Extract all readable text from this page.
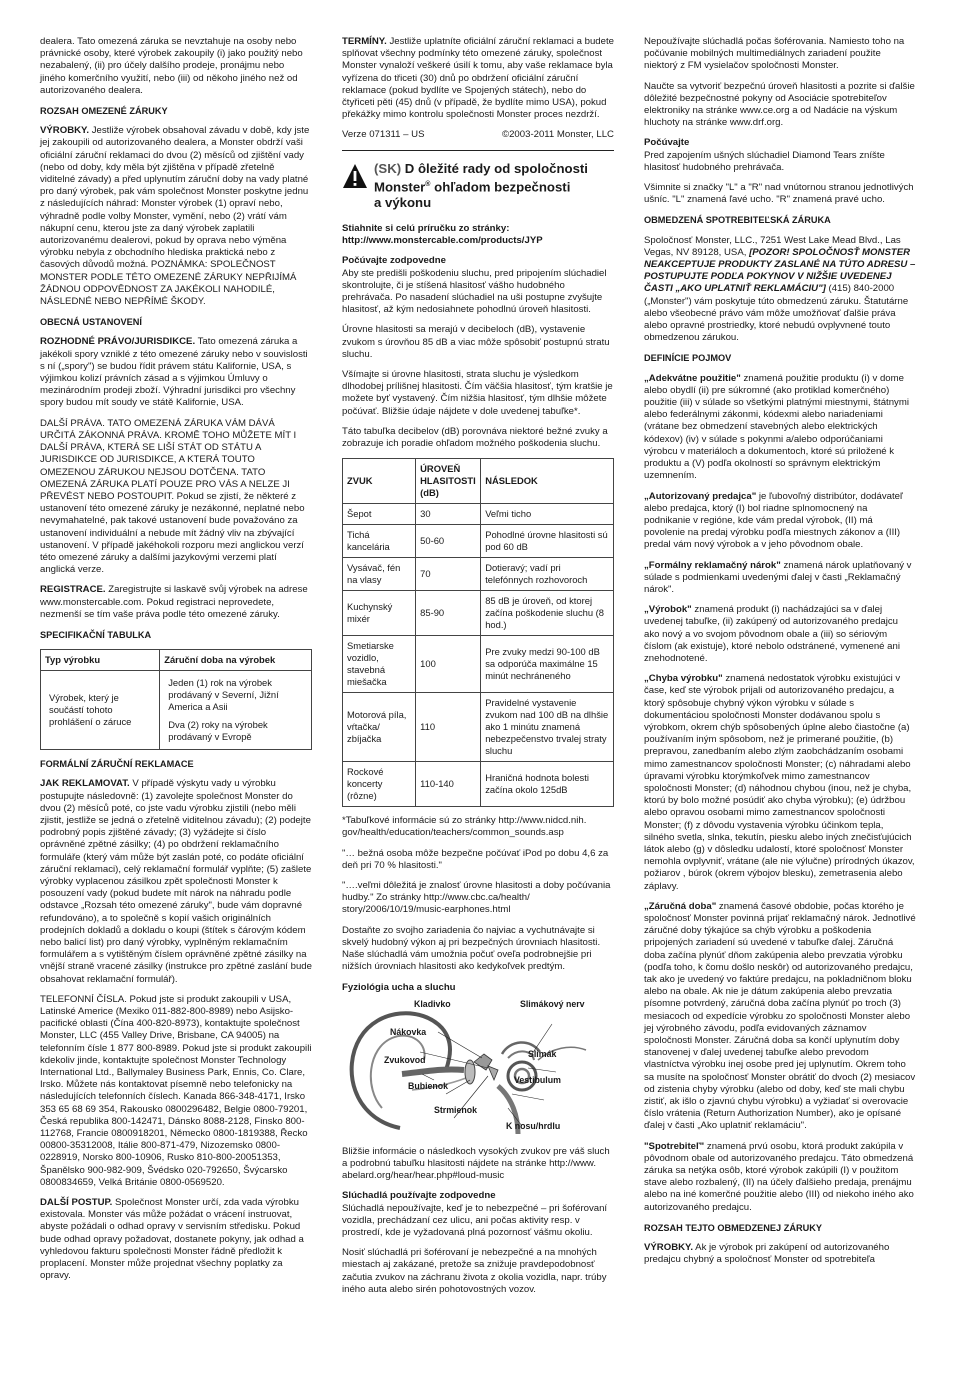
dealera. Tato omezená záruka se nevztahuje na osoby nebo právnické osoby, které výrobek zakoupily (i) jako použitý nebo nezabalený, (ii) pro účely dalšího prodeje, pronájmu nebo jiného komerčního využití, nebo (iii) od někoho jiného než od autorizovaného dealera.

ROZSAH OMEZENÉ ZÁRUKY

VÝROBKY. Jestliže výrobek obsahoval závadu v době, kdy jste jej zakoupili od autorizovaného dealera, a Monster obdrží vaši oficiální záruční reklamaci do dvou (2) měsíců od zjištění vady (nebo od doby, kdy měla být zjištěna v případě zřetelně viditelné závady) a před uplynutím záruční doby na vady platné pro daný výrobek, pak vám společnost Monster poskytne jednu z následujících náhrad: Monster výrobek (1) opraví nebo, výhradně podle volby Monster, vymění, nebo (2) vrátí vám nákupní cenu, kterou jste za daný výrobek zaplatili autorizovanému dealerovi, pokud by oprava nebo výměna výrobku nebyla z obchodního hlediska praktická nebo z časových důvodů možná. POZNÁMKA: SPOLEČNOST MONSTER PODLE TÉTO OMEZENÉ ZÁRUKY NEPŘIJÍMÁ ŽÁDNOU ODPOVĚDNOST ZA JAKÉKOLI NAHODILÉ, NÁSLEDNÉ NEBO NEPŘÍMÉ ŠKODY.

OBECNÁ USTANOVENÍ

ROZHODNÉ PRÁVO/JURISDIKCE. Tato omezená záruka a jakékoli spory vzniklé z této omezené záruky nebo v souvislosti s ní („spory") se budou řídit právem státu Kalifornie, USA, s výjimkou kolizí právních zásad a s výjimkou Úmluvy o mezinárodním prodeji zboží. Výhradní jurisdikci pro všechny spory budou mít soudy ve státě Kalifornie, USA.

DALŠÍ PRÁVA. TATO OMEZENÁ ZÁRUKA VÁM DÁVÁ URČITÁ ZÁKONNÁ PRÁVA. KROMĚ TOHO MŮŽETE MÍT I DALŠÍ PRÁVA, KTERÁ SE LIŠÍ STÁT OD STÁTU A JURISDIKCE OD JURISDIKCE, A KTERÁ TOUTO OMEZENOU ZÁRUKOU NEJSOU DOTČENA. TATO OMEZENÁ ZÁRUKA PLATÍ POUZE PRO VÁS A NELZE JI PŘEVÉST NEBO POSTOUPIT. Pokud se zjistí, že některé z ustanovení této omezené záruky je nezákonné, neplatné nebo nevymahatelné, pak takové ustanovení bude považováno za ustanovení individuální a nebude mít žádný vliv na zbývající ustanovení. V případě jakéhokoli rozporu mezi anglickou verzí této omezené záruky a dalšími jazykovými verzemi platí anglická verze.

REGISTRACE. Zaregistrujte si laskavě svůj výrobek na adrese www.monstercable.com. Pokud registraci neprovedete, nezmenší se tím vaše práva podle této omezené záruky.

SPECIFIKAČNÍ TABULKA
Typ výrobku	Záruční doba na výrobek
Výrobek, který je součástí tohoto prohlášení o záruce	Jeden (1) rok na výrobek prodávaný v Severní, Jižní America a Asii
Dva (2) roky na výrobek prodávaný v Evropě
FORMÁLNÍ ZÁRUČNÍ REKLAMACE

JAK REKLAMOVAT. V případě výskytu vady u výrobku postupujte následovně: (1) zavolejte společnost Monster do dvou (2) měsíců poté, co jste vadu výrobku zjistili (nebo měli zjistit, jestliže se jedná o zřetelně viditelnou závadu); (2) podejte podrobný popis zjištěné závady; (3) vyžádejte si číslo oprávněné zpětné zásilky; (4) po obdržení reklamačního formuláře (který vám může být zaslán poté, co podáte oficiální záruční reklamaci), celý reklamační formulář vyplňte; (5) zašlete výrobky vyplacenou zásilkou zpět společnosti Monster k posouzení vady (pokud budete mít nárok na náhradu podle odstavce „Rozsah této omezené záruky", bude vám dopravné refundováno), a to společně s kopií vašich originálních prodejních dokladů a dokladu o koupi (štítek s čárovým kódem nebo balicí list) pro daný výrobky, vyplněným reklamačním formulářem a s vytištěným číslem oprávněné zpětné zásilky na vnější straně vracené zásilky (instrukce pro zpětné zaslání bude obsahovat reklamační formulář).

TELEFONNÍ ČÍSLA. Pokud jste si produkt zakoupili v USA, Latinské Americe (Mexiko 011-882-800-8989) nebo Asijsko-pacifické oblasti (Čína 400-820-8973), kontaktujte společnost Monster, LLC (455 Valley Drive, Brisbane, CA 94005) na telefonním čísle 1 877 800-8989. Pokud jste si produkt zakoupili kdekoliv jinde, kontaktujte společnost Monster Technology International Ltd., Ballymaley Business Park, Ennis, Co. Clare, Irsko. Můžete nás kontaktovat písemně nebo telefonicky na následujících telefonních číslech. Kanada 866-348-4171, Irsko 353 65 68 69 354, Rakousko 0800296482, Belgie 0800-79201, Česká republika 800-142471, Dánsko 8088-2128, Finsko 800-112768, Francie 0800918201, Německo 0800-1819388, Řecko 00800-35312008, Itálie 800-871-479, Nizozemsko 0800-0228919, Norsko 800-10906, Rusko 810-800-20051353, Španělsko 900-982-909, Švédsko 020-792650, Švýcarsko 0800834659, Velká Británie 0800-0569520.

DALŠÍ POSTUP. Společnost Monster určí, zda vada výrobku existovala. Monster vás může požádat o vrácení instruovat, abyste požádali o odhad opravy v servisním středisku. Pokud bude odhad opravy požadovat, dostanete pokyny, jak odhad a vyhledovou fakturu společnosti Monster řádně předložit k proplacení. Monster může projednat všechny poplatky za opravy.

TERMÍNY. Jestliže uplatníte oficiální záruční reklamaci a budete splňovat všechny podmínky této omezené záruky, společnost Monster vynaloží veškeré úsilí k tomu, aby vaše reklamace byla vyřízena do třiceti (30) dnů po obdržení oficiální záruční reklamace (pokud bydlíte ve Spojených státech), nebo do čtyřiceti pěti (45) dnů (v případě, že bydlíte mimo USA), pokud překážky mimo kontrolu společnosti Monster proces nezdrží.

Verze 071311 – US	©2003-2011 Monster, LLC
(SK) D ôležité rady od spoločnosti
Monster® ohľadom bezpečnosti
a výkonu

Stiahnite si celú príručku zo stránky: http://www.monstercable.com/products/JYP

Počúvajte zodpovedne

Aby ste predišli poškodeniu sluchu, pred pripojením slúchadiel skontrolujte, či je stíšená hlasitosť vášho hudobného prehrávača. Po nasadení slúchadiel na uši postupne zvyšujte hlasitosť, až kým nedosiahnete pohodlnú úroveň hlasitosti.

Úrovne hlasitosti sa merajú v decibeloch (dB), vystavenie zvukom s úrovňou 85 dB a viac môže spôsobiť postupnú stratu sluchu.

Všímajte si úrovne hlasitosti, strata sluchu je výsledkom dlhodobej prílišnej hlasitosti. Čím väčšia hlasitosť, tým kratšie je možete byť vystavený. Čím nižšia hlasitosť, tým dlhšie môžete počúvať. Bližšie údaje nájdete v dole uvedenej tabuľke*.

Táto tabuľka decibelov (dB) porovnáva niektoré bežné zvuky a zobrazuje ich poradie ohľadom možného poškodenia sluchu.

ZVUK	ÚROVEŇ HLASITOSTI (dB)	NÁSLEDOK
Šepot	30	Veľmi ticho
Tichá kancelária	50-60	Pohodlné úrovne hlasitosti sú pod 60 dB
Vysávač, fén na vlasy	70	Dotieravý; vadí pri telefónnych rozhovoroch
Kuchynský mixér	85-90	85 dB je úroveň, od ktorej začína poškodenie sluchu (8 hod.)
Smetiarske vozidlo, stavebná miešačka	100	Pre zvuky medzi 90-100 dB sa odporúča maximálne 15 minút nechráneného
Motorová píla, vŕtačka/ zbíjačka	110	Pravidelné vystavenie zvukom nad 100 dB na dlhšie ako 1 minútu znamená nebezpečenstvo trvalej straty sluchu
Rockové koncerty (rôzne)	110-140	Hraničná hodnota bolesti začína okolo 125dB

*Tabuľkové informácie sú zo stránky http://www.nidcd.nih. gov/health/education/teachers/common_sounds.asp

"… bežná osoba môže bezpečne počúvať iPod po dobu 4,6 za deň pri 70 % hlasitosti."

"….veľmi dôležitá je znalosť úrovne hlasitosti a doby počúvania hudby." Zo stránky http://www.cbc.ca/health/ story/2006/10/19/music-earphones.html

Dostaňte zo svojho zariadenia čo najviac a vychutnávajte si skvelý hudobný výkon aj pri bezpečných úrovniach hlasitosti. Naše slúchadlá vám umožnia počuť oveľa podrobnejšie pri nižších úrovniach hlasitosti ako kedykoľvek predtým.

Fyziológia ucha a sluchu
Kladivko	Slimákový nerv
Nákovka
Zvukovod
Slimák
Bubienok
Vestibulum
Strmienok
K nosu/hrdlu

Bližšie informácie o následkoch vysokých zvukov pre váš sluch a podrobnú tabuľku hlasitosti nájdete na stránke http://www. abelard.org/hear/hear.php#loud-music

Slúchadlá používajte zodpovedne

Slúchadlá nepoužívajte, keď je to nebezpečné – pri šoférovaní vozidla, prechádzaní cez ulicu, ani počas aktivity resp. v prostredí, kde je vyžadovaná plná pozornosť vášmu okoliu.

Nosiť slúchadlá pri šoférovaní je nebezpečné a na mnohých miestach aj zakázané, pretože sa znižuje pravdepodobnosť začutia zvukov na záchranu života z okolia vozidla, napr. trúby iného auta alebo sirén pohotovostných vozov.

Nepoužívajte slúchadlá počas šoférovania. Namiesto toho na počúvanie mobilných multimediálnych zariadení použite niektorý z FM vysielačov spoločnosti Monster.

Naučte sa vytvoriť bezpečnú úroveň hlasitosti a pozrite si ďalšie dôležité bezpečnostné pokyny od Asociácie spotrebiteľov elektroniky na stránke www.ce.org a od Nadácie na výskum hluchoty na stránke www.drf.org.

Počúvajte

Pred zapojením ušných slúchadiel Diamond Tears zníšte hlasitosť hudobného prehrávača.

Všimnite si značky "L" a "R" nad vnútornou stranou jednotlivých ušníc. "L" znamená ľavé ucho. "R" znamená pravé ucho.

OBMEDZENÁ SPOTREBITEĽSKÁ ZÁRUKA

Spoločnosť Monster, LLC., 7251 West Lake Mead Blvd., Las Vegas, NV 89128, USA, [POZOR! SPOLOČNOSŤ MONSTER NEAKCEPTUJE PRODUKTY ZASLANÉ NA TÚTO ADRESU – POSTUPUJTE PODĽA POKYNOV V NIŽŠIE UVEDENEJ ČASTI „AKO UPLATNIŤ REKLAMÁCIU"] (415) 840-2000 („Monster") vám poskytuje túto obmedzenú záruku. Štatutárne alebo všeobecné právo vám môže umožňovať ďalšie práva alebo opravné prostriedky, ktoré nebudú ovplyvnené touto obmedzenou zárukou.

DEFINÍCIE POJMOV

„Adekvátne použitie" znamená použitie produktu (i) v dome alebo obydlí (ii) pre súkromné (ako protiklad komerčného) použitie (iii) v súlade so všetkými platnými miestnymi, štátnymi alebo federálnymi zákonmi, kódexmi alebo nariadeniami (vrátane bez obmedzení stavebných alebo elektrických kódexov) (iv) v súlade s pokynmi a/alebo odporúčaniami výrobcu v materiáloch a dokumentoch, ktoré sú priložené k produktu a (V) podľa okolností so správnym elektrickým uzemnením.

„Autorizovaný predajca" je ľubovoľný distribútor, dodávateľ alebo predajca, ktorý (I) bol riadne splnomocnený na podnikanie v regióne, kde vám predal výrobok, (II) má povolenie na predaj výrobku podľa miestnych zákonov a (III) predal vám nový výrobok a v jeho pôvodnom obale.

„Formálny reklamačný nárok" znamená nárok uplatňovaný v súlade s podmienkami uvedenými ďalej v časti „Reklamačný nárok".

„Výrobok" znamená produkt (i) nachádzajúci sa v ďalej uvedenej tabuľke, (ii) zakúpený od autorizovaného predajcu ako nový a vo svojom pôvodnom obale a (iii) so sériovým číslom (ak existuje), ktoré nebolo odstránené, vymenené ani znehodnotené.

„Chyba výrobku" znamená nedostatok výrobku existujúci v čase, keď ste výrobok prijali od autorizovaného predajcu, a ktorý spôsobuje chybný výkon výrobku v súlade s dokumentáciou spoločnosti Monster dodávanou spolu s výrobkom, okrem chýb spôsobených úplne alebo čiastočne (a) používaním iným spôsobom, než je primerané použitie, (b) prepravou, zanedbaním alebo zlým zaobchádzaním osobami mimo zamestnancov spoločnosti Monster; (c) náhradami alebo úpravami výrobku ktorýmkoľvek mimo zamestnancov spoločnosti Monster; (d) náhodnou chybou (inou, než je chyba, ktorú by bolo možné posúdiť ako chyba výrobku); (e) údržbou alebo opravou osobami mimo zamestnancov spoločnosti Monster; (f) z dôvodu vystavenia výrobku účinkom tepla, silného svetla, slnka, tekutín, piesku alebo iných znečisťujúcich látok alebo (g) v dôsledku udalostí, ktoré spoločnosť Monster nemohla ovplyvniť, vrátane (ale nie výlučne) prírodných úkazov, požiarov , búrok (okrem výbojov blesku), zemetrasenia alebo záplavy.

„Záručná doba" znamená časové obdobie, počas ktorého je spoločnosť Monster povinná prijať reklamačný nárok. Jednotlivé záručné doby týkajúce sa chýb výrobku a poškodenia pripojených zariadení sú uvedené v tabuľke ďalej. Záručná doba začína plynúť dňom zakúpenia alebo prevzatia výrobku (podľa toho, k čomu došlo neskôr) od autorizovaného predajcu, tak ako je uvedený vo faktúre predajcu, na pokladničnom bloku alebo na obale. Ak nie je dátum zakúpenia alebo prevzatia písomne potvrdený, záručná doba začína plynúť po troch (3) mesiacoch od expedície výrobku zo spoločnosti Monster alebo jej výrobného závodu, podľa evidovaných záznamov spoločnosti Monster. Záručná doba sa končí uplynutím doby stanovenej v ďalej uvedenej tabuľke alebo prevodom vlastníctva výrobku inej osobe pred jej uplynutím. Okrem toho sa musíte na spoločnosť Monster obrátiť do dvoch (2) mesiacov od zistenia chyby výrobku (alebo od doby, keď ste mali chybu zistiť, ak išlo o zjavnú chybu výrobku) a vyžiadať si overovacie číslo vrátenia (Return Authorization Number), ako je opísané ďalej v časti „Ako uplatniť reklamáciu".

"Spotrebiteľ" znamená prvú osobu, ktorá produkt zakúpila v pôvodnom obale od autorizovaného predajcu. Táto obmedzená záruka sa netýka osôb, ktoré výrobok zakúpili (I) v použitom stave alebo rozbalený, (II) na účely ďalšieho predaja, prenájmu alebo na iné komerčné použitie alebo (III) od niekoho iného ako autorizovaného predajcu.

ROZSAH TEJTO OBMEDZENEJ ZÁRUKY

VÝROBKY. Ak je výrobok pri zakúpení od autorizovaného predajcu chybný a spoločnosť Monster od spotrebiteľa
